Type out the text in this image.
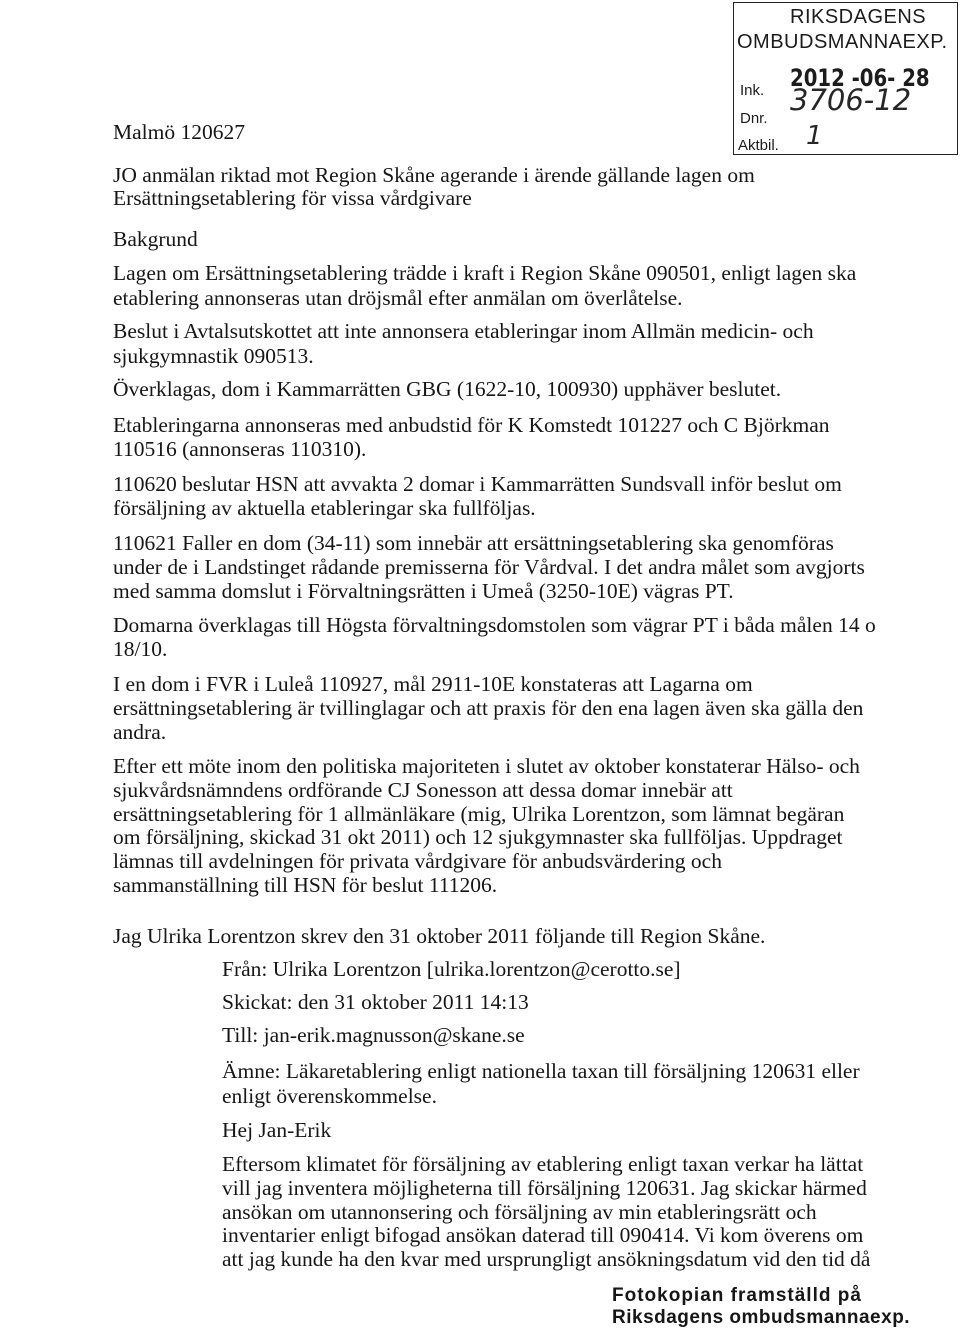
RIKSDAGENS
OMBUDSMANNAEXP.
Ink. 2012 -06- 28
Dnr.
3706-12
Aktbil. 1
Malmö 120627
JO anmälan riktad mot Region Skåne agerande i ärende gällande lagen om
Ersättningsetablering för vissa vårdgivare
Bakgrund
Lagen om Ersättningsetablering trädde i kraft i Region Skåne 090501, enligt lagen ska
etablering annonseras utan dröjsmål efter anmälan om överlåtelse.
Beslut i Avtalsutskottet att inte annonsera etableringar inom Allmän medicin- och
sjukgymnastik 090513.
Överklagas, dom i Kammarrätten GBG (1622-10, 100930) upphäver beslutet.
Etableringarna annonseras med anbudstid för K Komstedt 101227 och C Björkman
110516 (annonseras 110310).
110620 beslutar HSN att avvakta 2 domar i Kammarrätten Sundsvall inför beslut om
försäljning av aktuella etableringar ska fullföljas.
110621 Faller en dom (34-11) som innebär att ersättningsetablering ska genomföras
under de i Landstinget rådande premisserna för Vårdval. I det andra målet som avgjorts
med samma domslut i Förvaltningsrätten i Umeå (3250-10E) vägras PT.
Domarna överklagas till Högsta förvaltningsdomstolen som vägrar PT i båda målen 14 o
18/10.
I en dom i FVR i Luleå 110927, mål 2911-10E konstateras att Lagarna om
ersättningsetablering är tvillinglagar och att praxis för den ena lagen även ska gälla den
andra.
Efter ett möte inom den politiska majoriteten i slutet av oktober konstaterar Hälso- och
sjukvårdsnämndens ordförande CJ Sonesson att dessa domar innebär att
ersättningsetablering för 1 allmänläkare (mig, Ulrika Lorentzon, som lämnat begäran
om försäljning, skickad 31 okt 2011) och 12 sjukgymnaster ska fullföljas. Uppdraget
lämnas till avdelningen för privata vårdgivare för anbudsvärdering och
sammanställning till HSN för beslut 111206.
Jag Ulrika Lorentzon skrev den 31 oktober 2011 följande till Region Skåne.
Från: Ulrika Lorentzon [ulrika.lorentzon@cerotto.se]
Skickat: den 31 oktober 2011 14:13
Till: jan-erik.magnusson@skane.se
Ämne: Läkaretablering enligt nationella taxan till försäljning 120631 eller
enligt överenskommelse.
Hej Jan-Erik
Eftersom klimatet för försäljning av etablering enligt taxan verkar ha lättat
vill jag inventera möjligheterna till försäljning 120631. Jag skickar härmed
ansökan om utannonsering och försäljning av min etableringsrätt och
inventarier enligt bifogad ansökan daterad till 090414. Vi kom överens om
att jag kunde ha den kvar med ursprungligt ansökningsdatum vid den tid då
Fotokopian framställd på
Riksdagens ombudsmannaexp.
